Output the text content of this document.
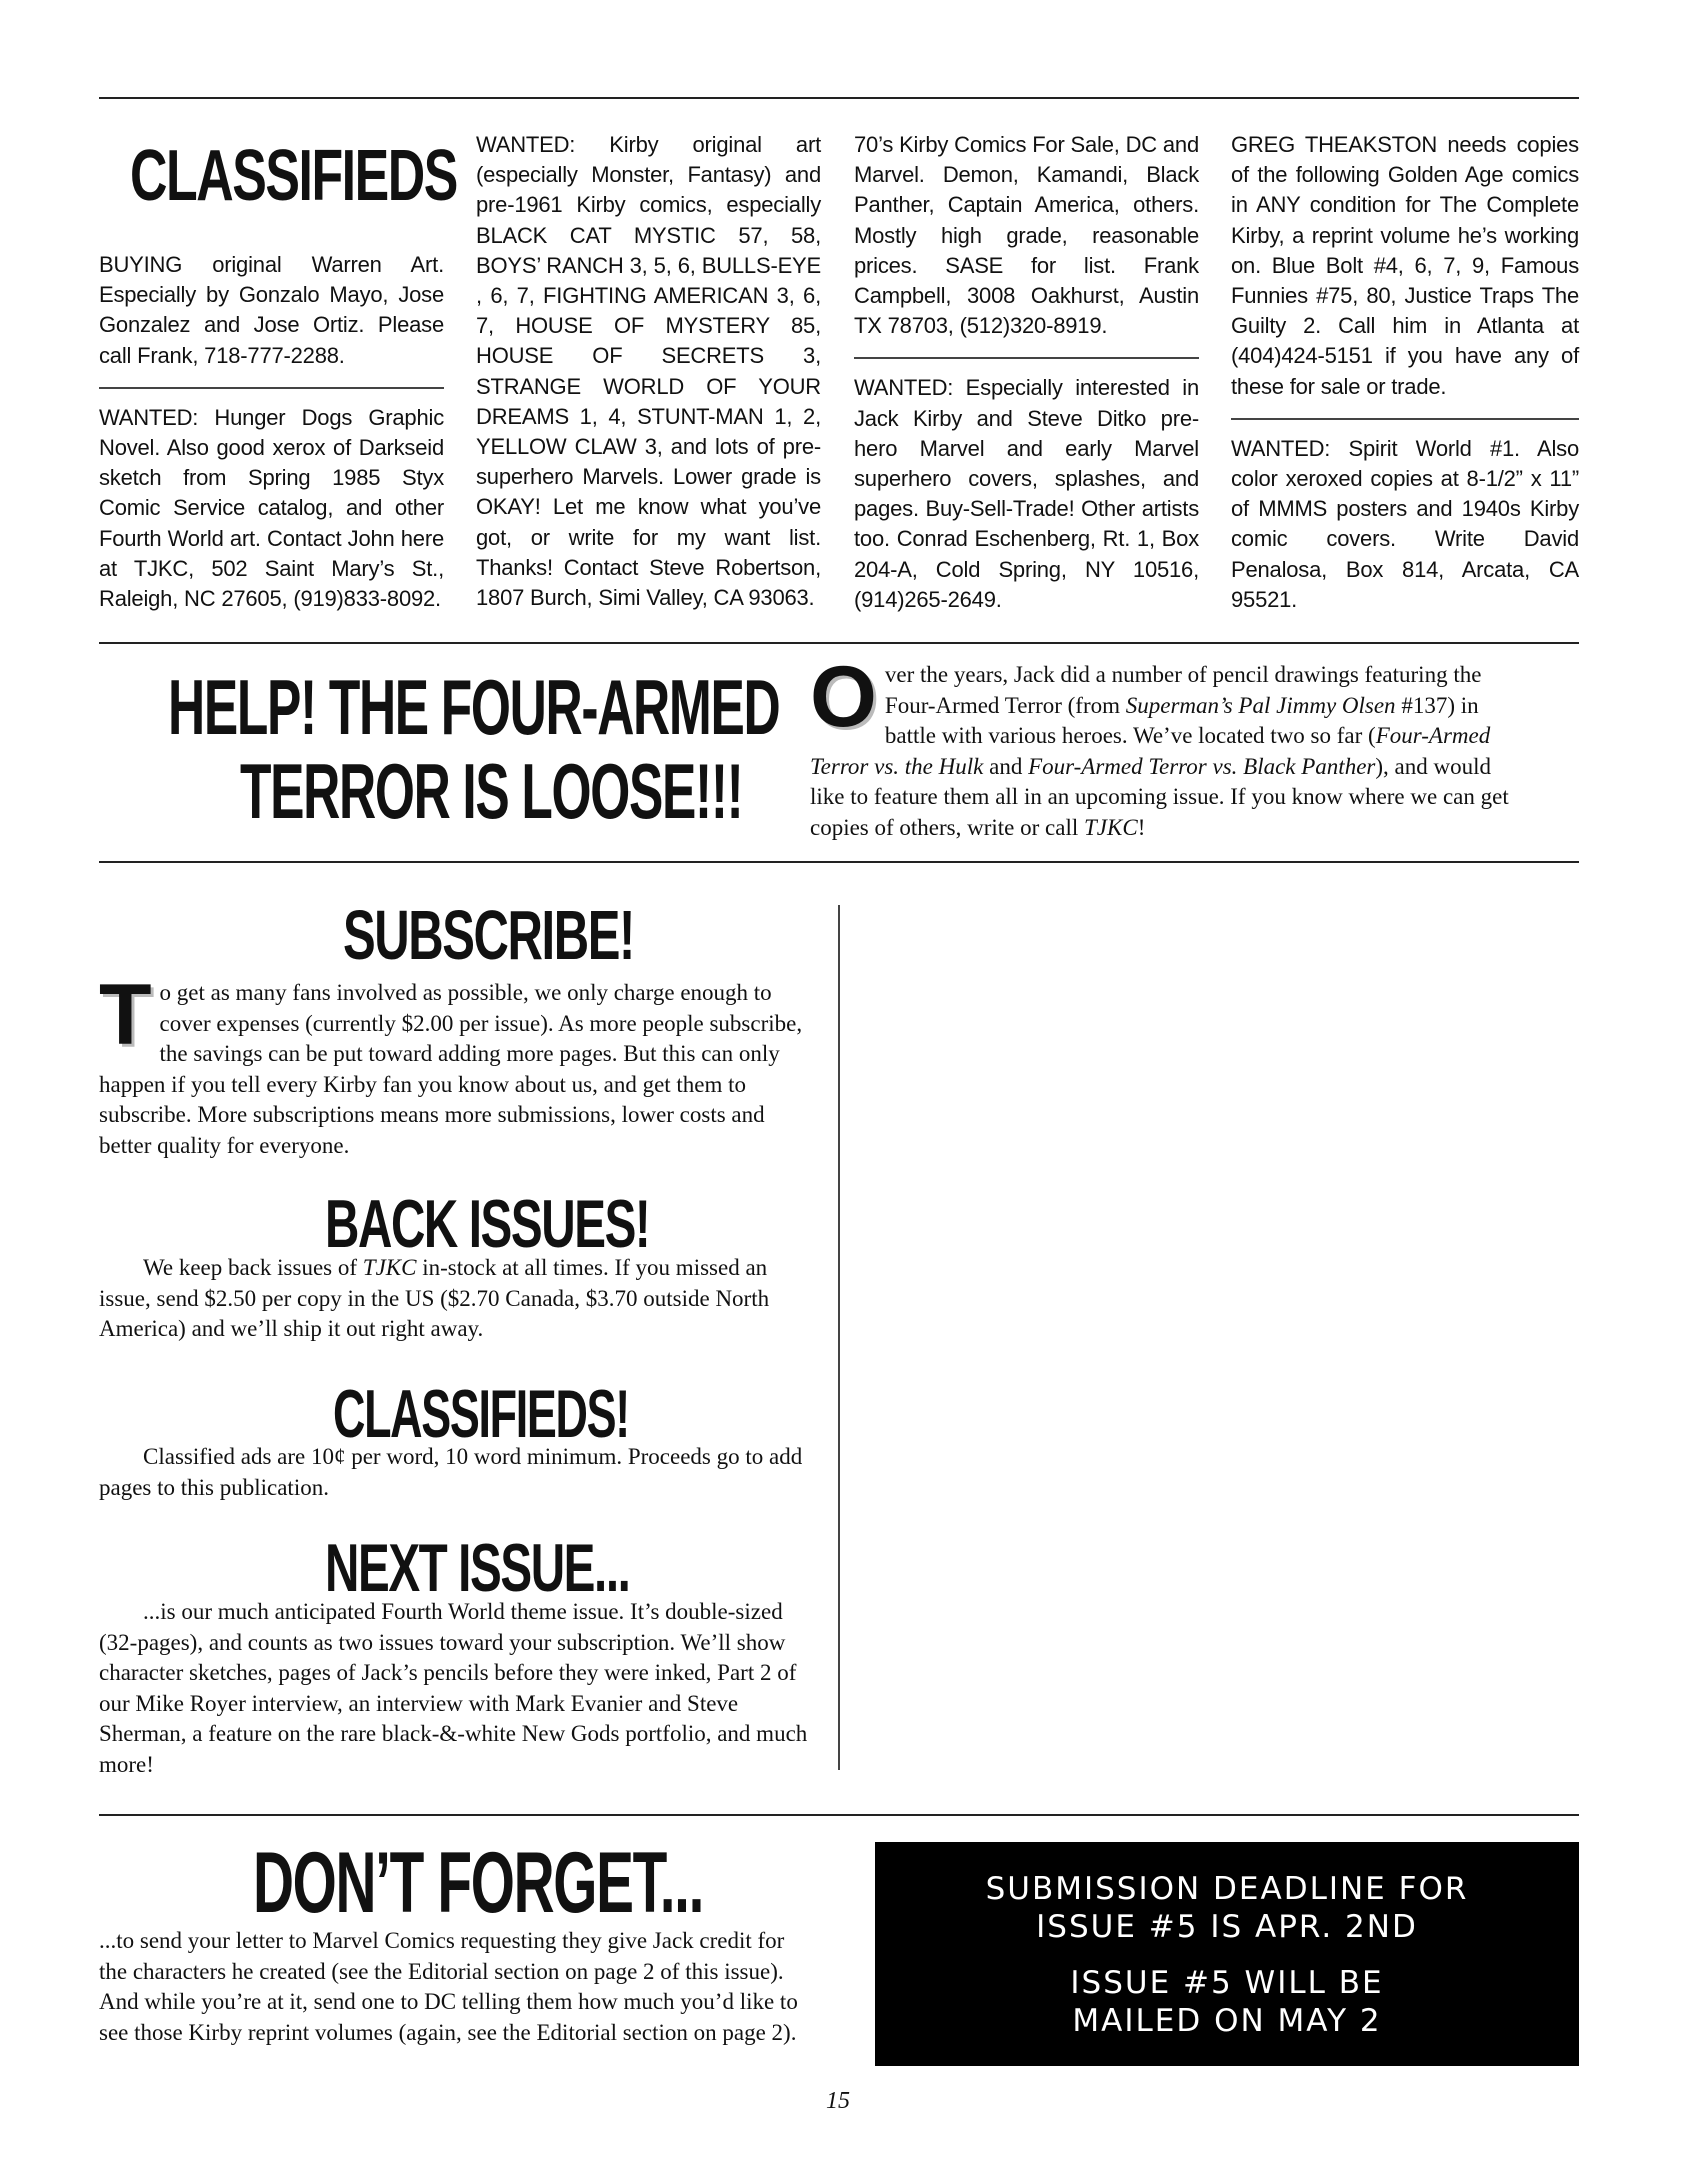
CLASSIFIEDS

BUYING original Warren Art. Especially by Gonzalo Mayo, Jose Gonzalez and Jose Ortiz. Please call Frank, 718-777-2288.

WANTED: Hunger Dogs Graphic Novel. Also good xerox of Darkseid sketch from Spring 1985 Styx Comic Service catalog, and other Fourth World art. Contact John here at TJKC, 502 Saint Mary’s St., Raleigh, NC 27605, (919)833-8092.

WANTED: Kirby original art (especially Monster, Fantasy) and pre-1961 Kirby comics, especially BLACK CAT MYSTIC 57, 58, BOYS’ RANCH 3, 5, 6, BULLS-EYE , 6, 7, FIGHTING AMERICAN 3, 6, 7, HOUSE OF MYSTERY 85, HOUSE OF SECRETS 3, STRANGE WORLD OF YOUR DREAMS 1, 4, STUNT-MAN 1, 2, YELLOW CLAW 3, and lots of pre-superhero Marvels. Lower grade is OKAY! Let me know what you’ve got, or write for my want list. Thanks! Contact Steve Robertson, 1807 Burch, Simi Valley, CA 93063.

70’s Kirby Comics For Sale, DC and Marvel. Demon, Kamandi, Black Panther, Captain America, others. Mostly high grade, reasonable prices. SASE for list. Frank Campbell, 3008 Oakhurst, Austin TX 78703, (512)320-8919.

WANTED: Especially interested in Jack Kirby and Steve Ditko pre-hero Marvel and early Marvel superhero covers, splashes, and pages. Buy-Sell-Trade! Other artists too. Conrad Eschenberg, Rt. 1, Box 204-A, Cold Spring, NY 10516, (914)265-2649.

GREG THEAKSTON needs copies of the following Golden Age comics in ANY condition for The Complete Kirby, a reprint volume he’s working on. Blue Bolt #4, 6, 7, 9, Famous Funnies #75, 80, Justice Traps The Guilty 2. Call him in Atlanta at (404)424-5151 if you have any of these for sale or trade.

WANTED: Spirit World #1. Also color xeroxed copies at 8-1/2” x 11” of MMMS posters and 1940s Kirby comic covers. Write David Penalosa, Box 814, Arcata, CA 95521.

HELP! THE FOUR-ARMED
TERROR IS LOOSE!!!

Over the years, Jack did a number of pencil drawings featuring the Four-Armed Terror (from Superman’s Pal Jimmy Olsen #137) in battle with various heroes. We’ve located two so far (Four-Armed Terror vs. the Hulk and Four-Armed Terror vs. Black Panther), and would like to feature them all in an upcoming issue. If you know where we can get copies of others, write or call TJKC!

SUBSCRIBE!

To get as many fans involved as possible, we only charge enough to cover expenses (currently $2.00 per issue). As more people subscribe, the savings can be put toward adding more pages. But this can only happen if you tell every Kirby fan you know about us, and get them to subscribe. More subscriptions means more submissions, lower costs and better quality for everyone.

BACK ISSUES!

We keep back issues of TJKC in-stock at all times. If you missed an issue, send $2.50 per copy in the US ($2.70 Canada, $3.70 outside North America) and we’ll ship it out right away.

CLASSIFIEDS!

Classified ads are 10¢ per word, 10 word minimum. Proceeds go to add pages to this publication.

NEXT ISSUE...

...is our much anticipated Fourth World theme issue. It’s double-sized (32-pages), and counts as two issues toward your subscription. We’ll show character sketches, pages of Jack’s pencils before they were inked, Part 2 of our Mike Royer interview, an interview with Mark Evanier and Steve Sherman, a feature on the rare black-&-white New Gods portfolio, and much more!

DON’T FORGET...

...to send your letter to Marvel Comics requesting they give Jack credit for the characters he created (see the Editorial section on page 2 of this issue). And while you’re at it, send one to DC telling them how much you’d like to see those Kirby reprint volumes (again, see the Editorial section on page 2).

SUBMISSION DEADLINE FOR

ISSUE #5 IS APR. 2ND

ISSUE #5 WILL BE

MAILED ON MAY 2

15
